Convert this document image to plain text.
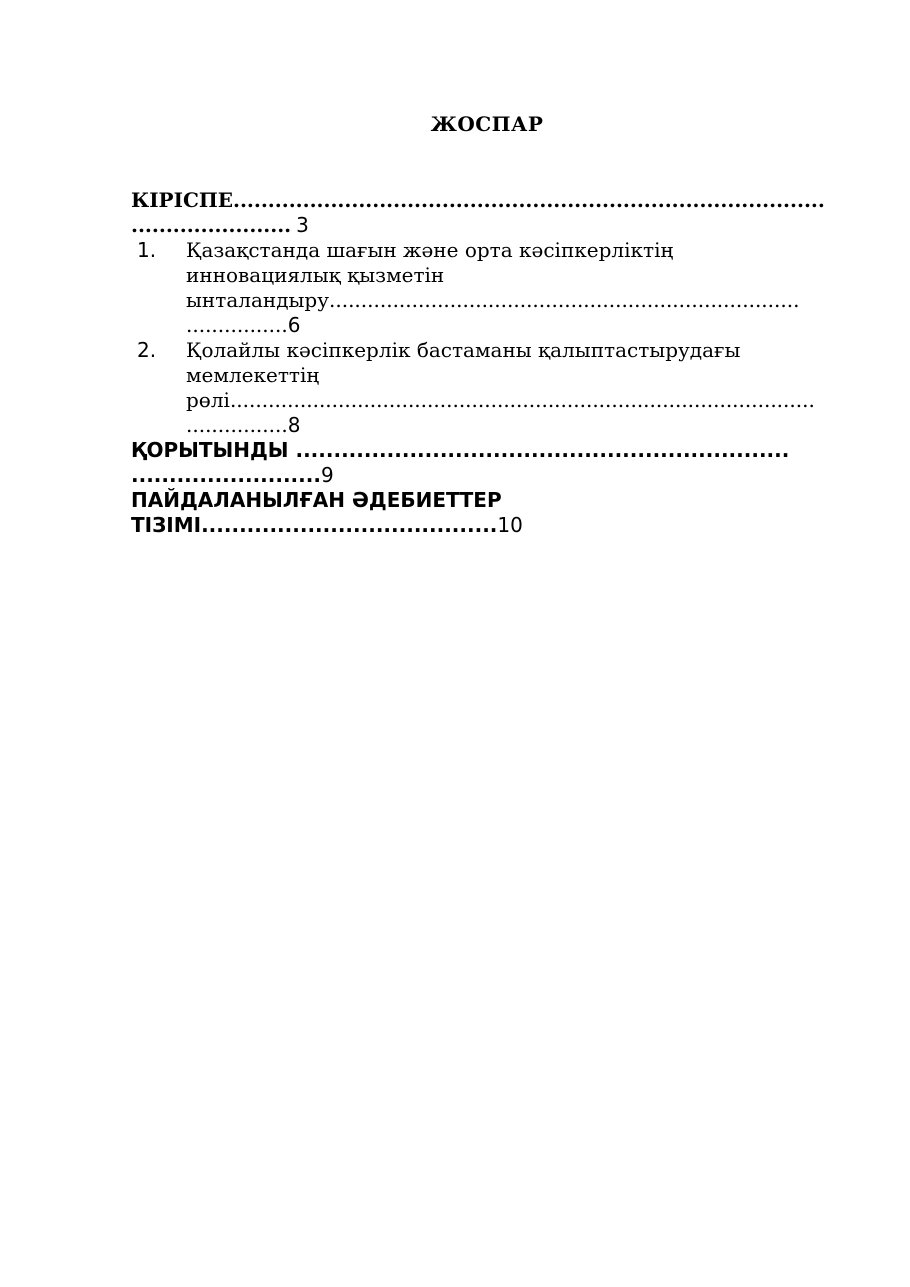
ЖОСПАР
КІРІСПЕ.....................................................................................
....................... 3
1. Қазақстанда шағын және орта кәсіпкерліктің
инновациялық қызметін
ынталандыру..........................................................................
................6
2. Қолайлы кәсіпкерлік бастаманы қалыптастырудағы
мемлекеттің
рөлі............................................................................................
................8
ҚОРЫТЫНДЫ .................................................................
.........................9
ПАЙДАЛАНЫЛҒАН ӘДЕБИЕТТЕР
ТІЗІМІ.......................................10
